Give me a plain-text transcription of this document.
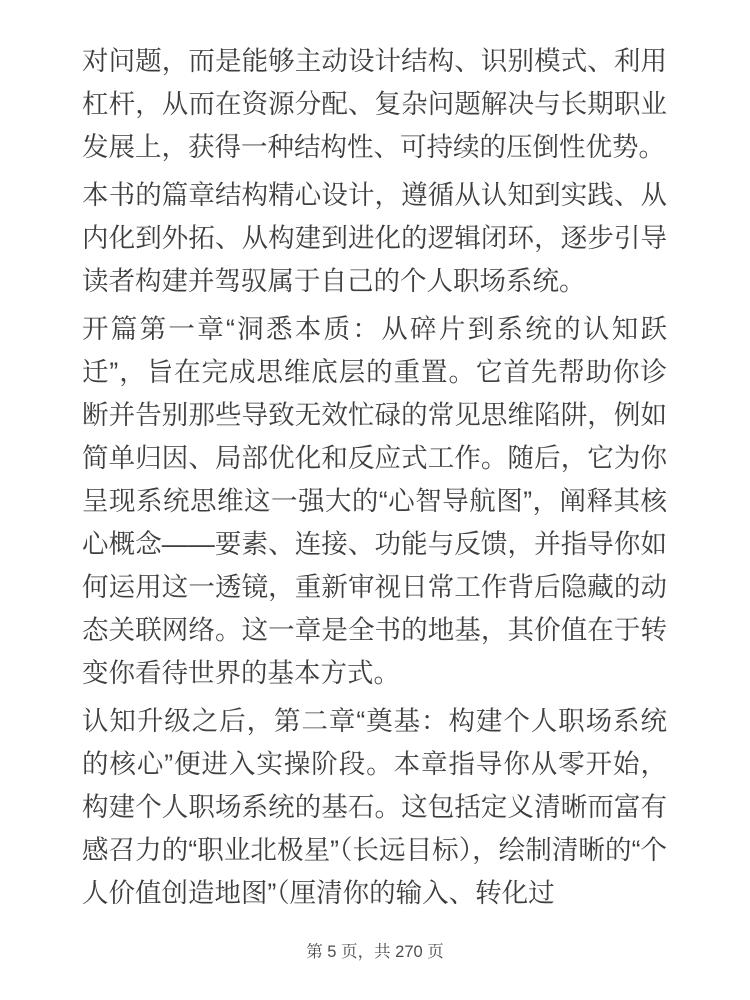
对问题，而是能够主动设计结构、识别模式、利用杠杆，从而在资源分配、复杂问题解决与长期职业发展上，获得一种结构性、可持续的压倒性优势。

本书的篇章结构精心设计，遵循从认知到实践、从内化到外拓、从构建到进化的逻辑闭环，逐步引导读者构建并驾驭属于自己的个人职场系统。

开篇第一章“洞悉本质：从碎片到系统的认知跃迁”，旨在完成思维底层的重置。它首先帮助你诊断并告别那些导致无效忙碌的常见思维陷阱，例如简单归因、局部优化和反应式工作。随后，它为你呈现系统思维这一强大的“心智导航图”，阐释其核心概念——要素、连接、功能与反馈，并指导你如何运用这一透镜，重新审视日常工作背后隐藏的动态关联网络。这一章是全书的地基，其价值在于转变你看待世界的基本方式。

认知升级之后，第二章“奠基：构建个人职场系统的核心”便进入实操阶段。本章指导你从零开始，构建个人职场系统的基石。这包括定义清晰而富有感召力的“职业北极星”（长远目标），绘制清晰的“个人价值创造地图”（厘清你的输入、转化过

第 5 页，共 270 页
